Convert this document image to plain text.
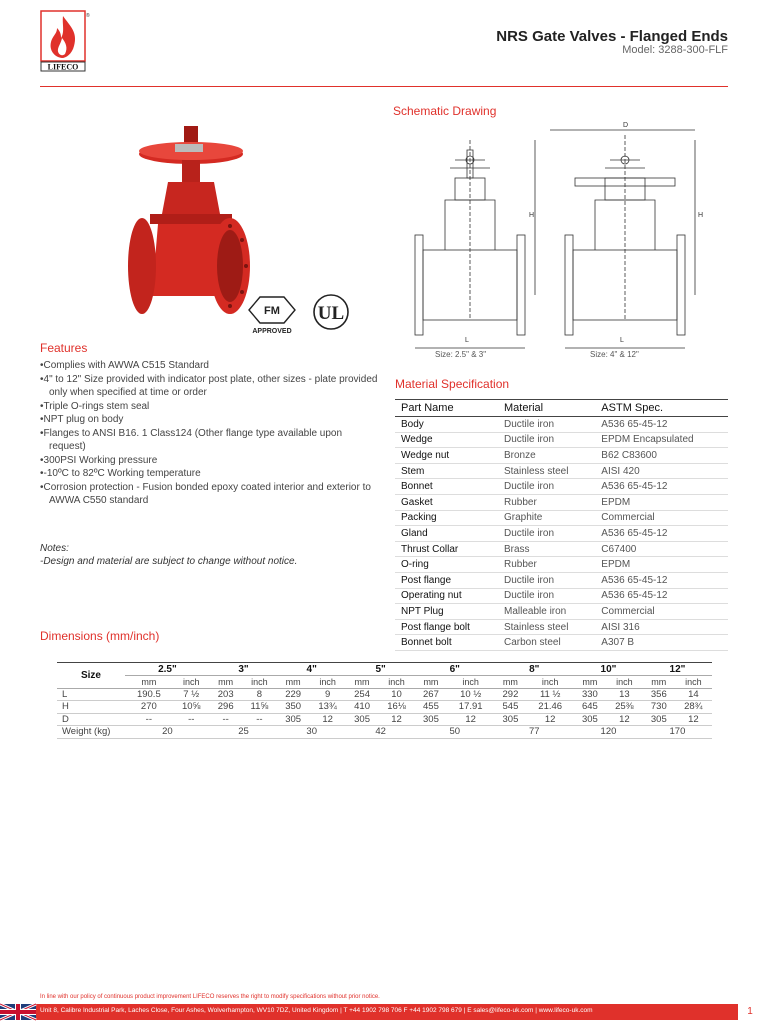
LIFECO
®
NRS Gate Valves - Flanged Ends
Model: 3288-300-FLF
FM
APPROVED
UL
Schematic Drawing
L
H
D
L
H
Size: 2.5" & 3"	Size: 4" & 12"
Features
• Complies with AWWA C515 Standard
• 4" to 12" Size provided with indicator post plate, other sizes - plate provided only when specified at time or order
• Triple O-rings stem seal
• NPT plug on body
• Flanges to ANSI B16. 1 Class124 (Other flange type available upon request)
• 300PSI Working pressure
• -10ºC to 82ºC Working temperature
• Corrosion protection - Fusion bonded epoxy coated interior and exterior to AWWA C550 standard
Notes:
-Design and material are subject to change without notice.
Material Specification
Part Name	Material	ASTM Spec.
Body	Ductile iron	A536 65-45-12
Wedge	Ductile iron	EPDM Encapsulated
Wedge nut	Bronze	B62 C83600
Stem	Stainless steel	AISI 420
Bonnet	Ductile iron	A536 65-45-12
Gasket	Rubber	EPDM
Packing	Graphite	Commercial
Gland	Ductile iron	A536 65-45-12
Thrust Collar	Brass	C67400
O-ring	Rubber	EPDM
Post flange	Ductile iron	A536 65-45-12
Operating nut	Ductile iron	A536 65-45-12
NPT Plug	Malleable iron	Commercial
Post flange bolt	Stainless steel	AISI 316
Bonnet bolt	Carbon steel	A307 B
Dimensions (mm/inch)
Size	2.5"		3"		4"		5"		6"		8"		10"		12"	
	mm	inch	mm	inch	mm	inch	mm	inch	mm	inch	mm	inch	mm	inch	mm	inch
L	190.5	7 ½	203	8	229	9	254	10	267	10 ½	292	11 ½	330	13	356	14
H	270	10⅝	296	11⅝	350	13¾	410	16⅛	455	17.91	545	21.46	645	25⅜	730	28¾
D	--	--	--	--	305	12	305	12	305	12	305	12	305	12	305	12
Weight (kg)	20		25		30		42		50		77		120		170	
In line with our policy of continuous product improvement LIFECO reserves the right to modify specifications without prior notice.
Unit 8, Calibre Industrial Park, Laches Close, Four Ashes, Wolverhampton, WV10 7DZ, United Kingdom | T +44 1902 798 706 F +44 1902 798 679 | E sales@lifeco-uk.com | www.lifeco-uk.com	1
